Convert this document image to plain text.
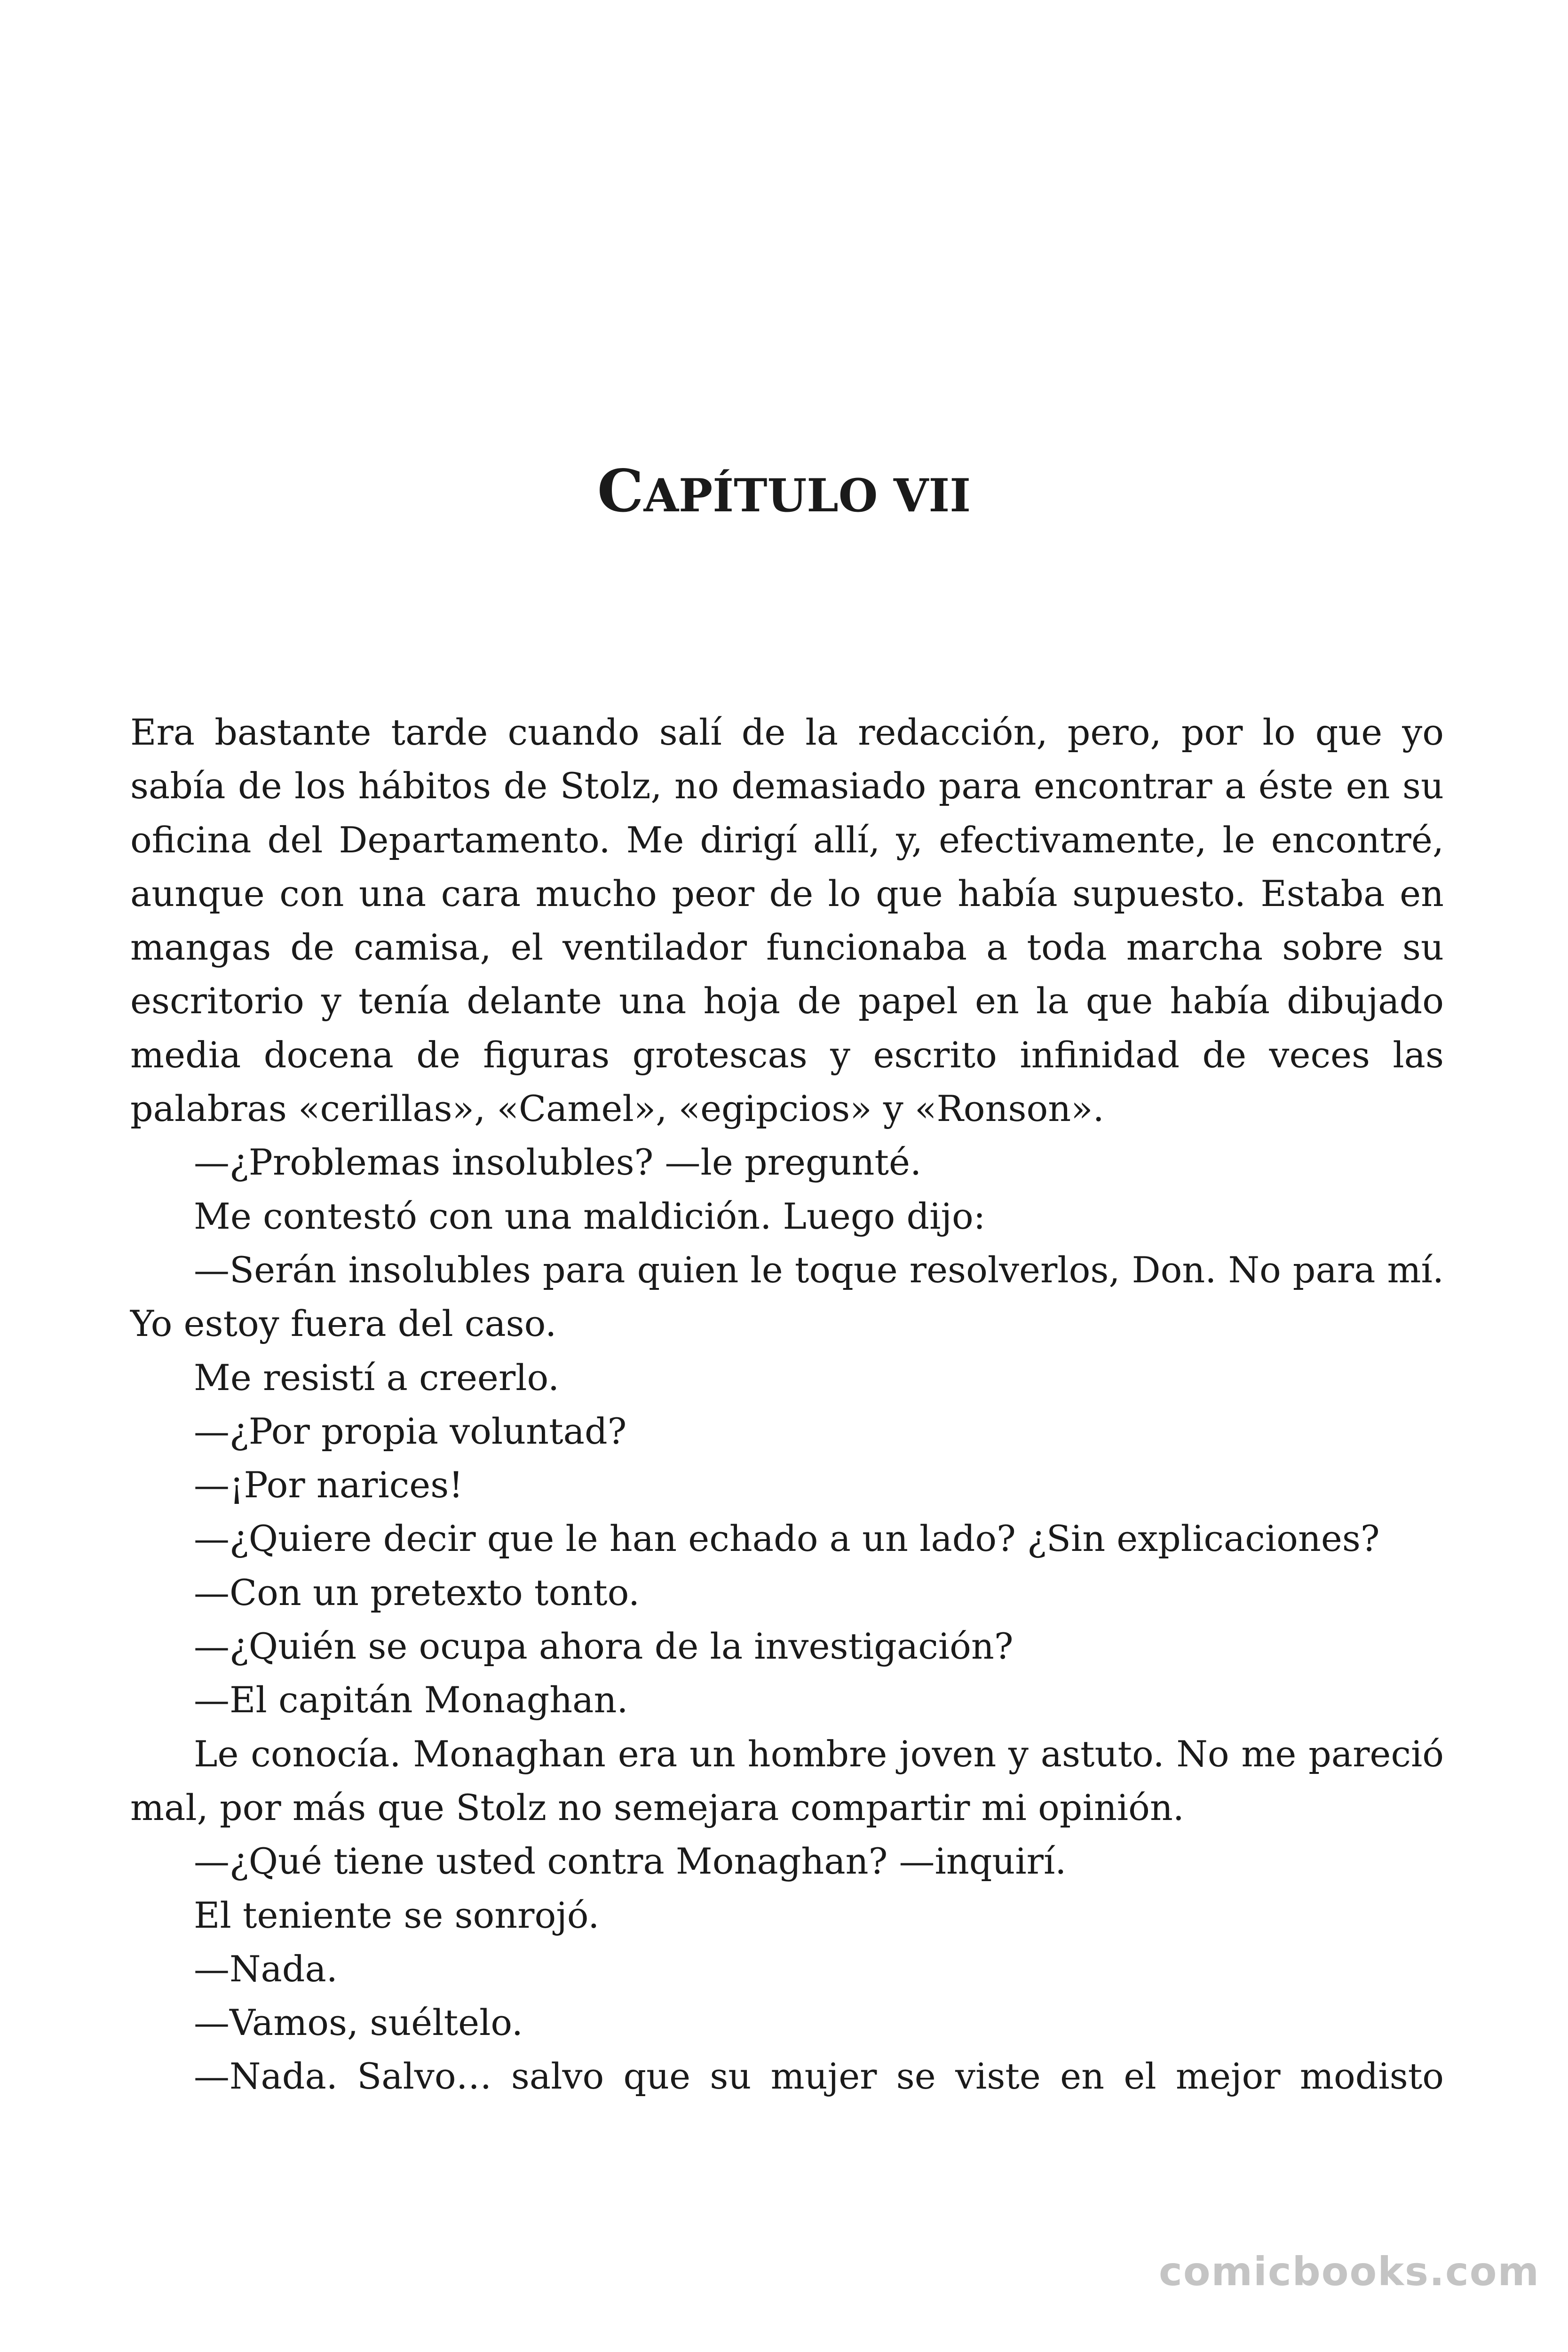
CAPÍTULO VII

Era bastante tarde cuando salí de la redacción, pero, por lo que yo sabía de los hábitos de Stolz, no demasiado para encontrar a éste en su oficina del Departamento. Me dirigí allí, y, efectivamente, le encontré, aunque con una cara mucho peor de lo que había supuesto. Estaba en mangas de camisa, el ventilador funcionaba a toda marcha sobre su escritorio y tenía delante una hoja de papel en la que había dibujado media docena de figuras grotescas y escrito infinidad de veces las palabras «cerillas», «Camel», «egipcios» y «Ronson».

—¿Problemas insolubles? —le pregunté.

Me contestó con una maldición. Luego dijo:

—Serán insolubles para quien le toque resolverlos, Don. No para mí. Yo estoy fuera del caso.

Me resistí a creerlo.

—¿Por propia voluntad?

—¡Por narices!

—¿Quiere decir que le han echado a un lado? ¿Sin explicaciones?

—Con un pretexto tonto.

—¿Quién se ocupa ahora de la investigación?

—El capitán Monaghan.

Le conocía. Monaghan era un hombre joven y astuto. No me pareció mal, por más que Stolz no semejara compartir mi opinión.

—¿Qué tiene usted contra Monaghan? —inquirí.

El teniente se sonrojó.

—Nada.

—Vamos, suéltelo.

—Nada. Salvo… salvo que su mujer se viste en el mejor modisto

comicbooks.com
